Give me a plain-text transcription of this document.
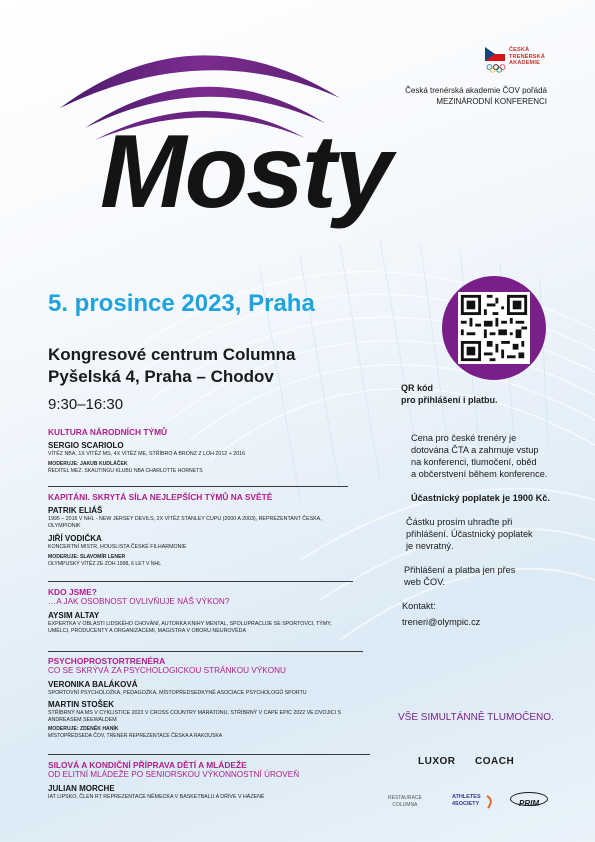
ČESKÁ
TRENÉRSKÁ
AKADEMIE
Česká trenérská akademie ČOV pořádá
MEZINÁRODNÍ KONFERENCI
Mosty
5. prosince 2023, Praha
Kongresové centrum Columna
Pyšelská 4, Praha – Chodov
9:30–16:30
KULTURA NÁRODNÍCH TÝMŮ
SERGIO SCARIOLO
VÍTĚZ NBA, 1X VÍTĚZ MS, 4X VÍTĚZ ME, STŘÍBRO A BRONZ Z LOH 2012 + 2016
MODERUJE: JAKUB KUDLÁČEK
ŘEDITEL MEZ. SKAUTINGU KLUBU NBA CHARLOTTE HORNETS
KAPITÁNI. SKRYTÁ SÍLA NEJLEPŠÍCH TÝMŮ NA SVĚTĚ
PATRIK ELIÁŠ
1995 – 2016 V NHL - NEW JERSEY DEVILS, 2X VÍTĚZ STANLEY CUPU (2000 A 2003), REPREZENTANT ČESKA, OLYMPIONIK
JIŘÍ VODIČKA
KONCERTNÍ MISTR, HOUSLISTA ČESKÉ FILHARMONIE
MODERUJE: SLAVOMÍR LENER
OLYMPIJSKÝ VÍTĚZ ZE ZOH 1998, 6 LET V NHL
KDO JSME?
…A JAK OSOBNOST OVLIVŇUJE NÁŠ VÝKON?
AYSIM ALTAY
EXPERTKA V OBLASTI LIDSKÉHO CHOVÁNÍ, AUTORKA KNIHY MENTAL, SPOLUPRACUJE SE SPORTOVCI, TÝMY, UMĚLCI, PRODUCENTY A ORGANIZACEMI, MAGISTRA V OBORU NEUROVĚDA
PSYCHOPROSTORTRENÉRA
CO SE SKRÝVÁ ZA PSYCHOLOGICKOU STRÁNKOU VÝKONU
VERONIKA BALÁKOVÁ
SPORTOVNÍ PSYCHOLOŽKA, PEDAGOŽKA, MÍSTOPŘEDSEDKYNĚ ASOCIACE PSYCHOLOGŮ SPORTU
MARTIN STOŠEK
STŘÍBRNÝ NA MS V CYKLISTICE 2023 V CROSS COUNTRY MARATONU, STŘÍBRNÝ V CAPE EPIC 2022 VE DVOJICI S ANDREASEM SEEWALDEM
MODERUJE: ZDENĚK HANÍK
MÍSTOPŘEDSEDA ČOV, TRENÉR REPREZENTACE ČESKA A RAKOUSKA
SILOVÁ A KONDIČNÍ PŘÍPRAVA DĚTÍ A MLÁDEŽE
OD ELITNÍ MLÁDEŽE PO SENIORSKOU VÝKONNOSTNÍ ÚROVEŇ
JULIAN MORCHE
IAT LIPSKO, ČLEN RT REPREZENTACE NĚMECKA V BASKETBALU A DŘÍVE V HÁZENÉ
QR kód
pro přihlášení i platbu.
Cena pro české trenéry je
dotována ČTA a zahrnuje vstup
na konferenci, tlumočení, oběd
a občerstvení během konference.
Účastnický poplatek je 1900 Kč.
Částku prosím uhraďte při
přihlášení. Účastnický poplatek
je nevratný.
Přihlášení a platba jen přes
web ČOV.
Kontakt:
treneri@olympic.cz
VŠE SIMULTÁNNĚ TLUMOČENO.
LUXOR COACH
RESTAURACE
COLUMNA
ATHLETES
4SOCIETY	PRIM
